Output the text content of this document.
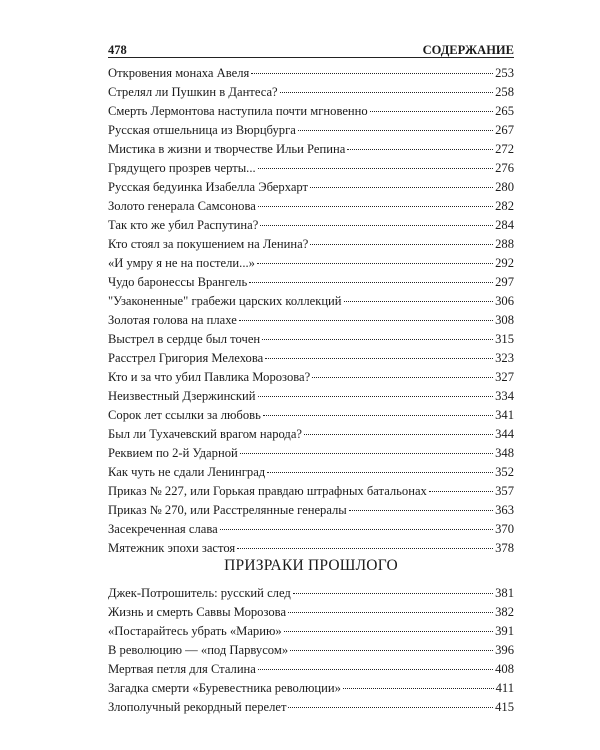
478	СОДЕРЖАНИЕ
Откровения монаха Авеля	253
Стрелял ли Пушкин в Дантеса?	258
Смерть Лермонтова наступила почти мгновенно	265
Русская отшельница из Вюрцбурга	267
Мистика в жизни и творчестве Ильи Репина	272
Грядущего прозрев черты...	276
Русская бедуинка Изабелла Эберхарт	280
Золото генерала Самсонова	282
Так кто же убил Распутина?	284
Кто стоял за покушением на Ленина?	288
«И умру я не на постели...»	292
Чудо баронессы Врангель	297
"Узаконенные" грабежи царских коллекций	306
Золотая голова на плахе	308
Выстрел в сердце был точен	315
Расстрел Григория Мелехова	323
Кто и за что убил Павлика Морозова?	327
Неизвестный Дзержинский	334
Сорок лет ссылки за любовь	341
Был ли Тухачевский врагом народа?	344
Реквием по 2-й Ударной	348
Как чуть не сдали Ленинград	352
Приказ № 227, или Горькая правдаю штрафных батальонах	357
Приказ № 270, или Расстрелянные генералы	363
Засекреченная слава	370
Мятежник эпохи застоя	378
ПРИЗРАКИ ПРОШЛОГО
Джек-Потрошитель: русский след	381
Жизнь и смерть Саввы Морозова	382
«Постарайтесь убрать «Марию»	391
В революцию — «под Парвусом»	396
Мертвая петля для Сталина	408
Загадка смерти «Буревестника революции»	411
Злополучный рекордный перелет	415
